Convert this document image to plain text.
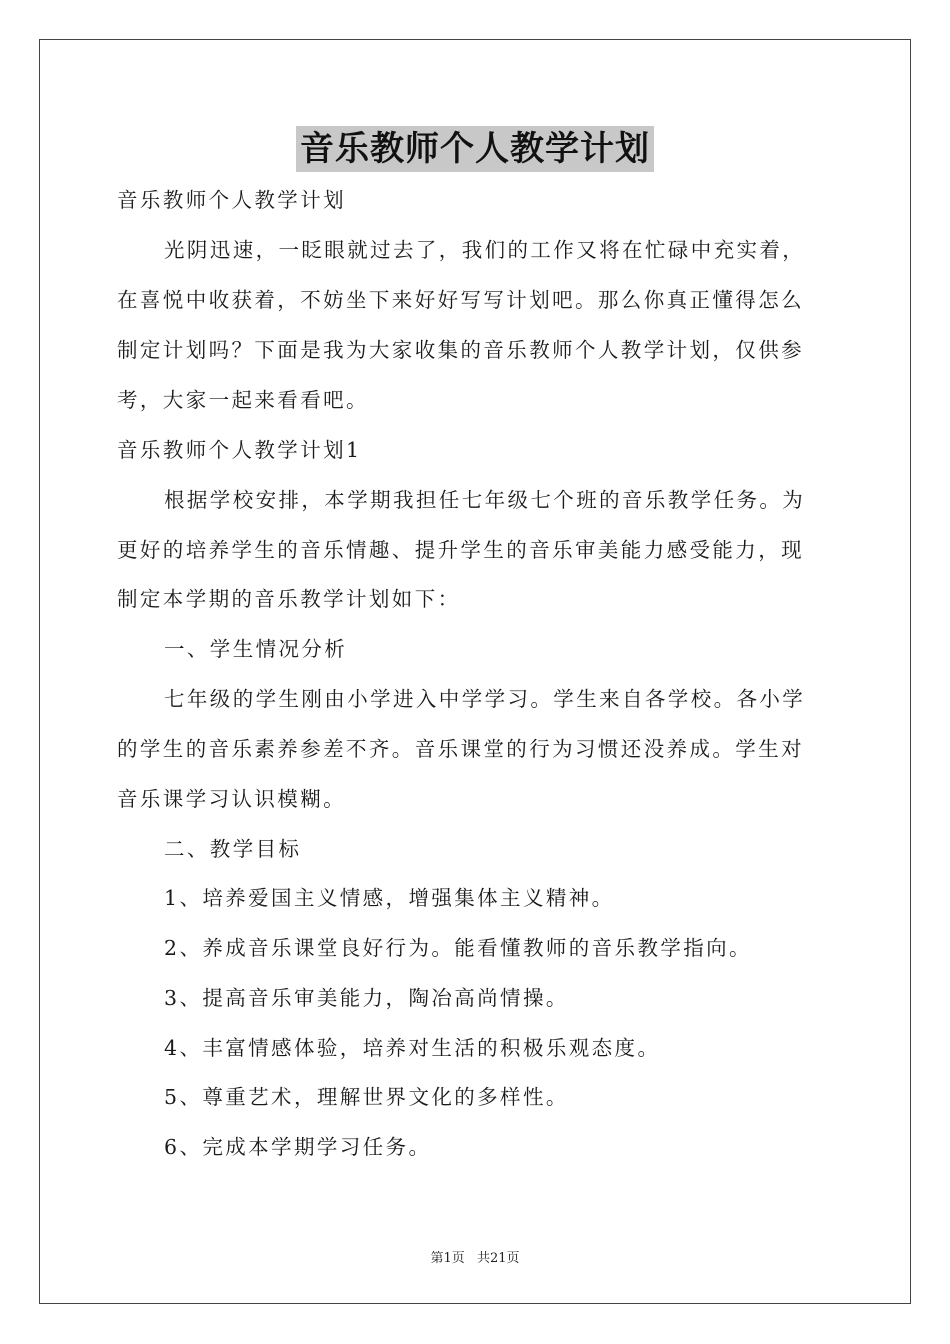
音乐教师个人教学计划
音乐教师个人教学计划
光阴迅速，一眨眼就过去了，我们的工作又将在忙碌中充实着，
在喜悦中收获着，不妨坐下来好好写写计划吧。那么你真正懂得怎么
制定计划吗？下面是我为大家收集的音乐教师个人教学计划，仅供参
考，大家一起来看看吧。
音乐教师个人教学计划1
根据学校安排，本学期我担任七年级七个班的音乐教学任务。为
更好的培养学生的音乐情趣、提升学生的音乐审美能力感受能力，现
制定本学期的音乐教学计划如下：
一、学生情况分析
七年级的学生刚由小学进入中学学习。学生来自各学校。各小学
的学生的音乐素养参差不齐。音乐课堂的行为习惯还没养成。学生对
音乐课学习认识模糊。
二、教学目标
1、培养爱国主义情感，增强集体主义精神。
2、养成音乐课堂良好行为。能看懂教师的音乐教学指向。
3、提高音乐审美能力，陶冶高尚情操。
4、丰富情感体验，培养对生活的积极乐观态度。
5、尊重艺术，理解世界文化的多样性。
6、完成本学期学习任务。
第1页 共21页
